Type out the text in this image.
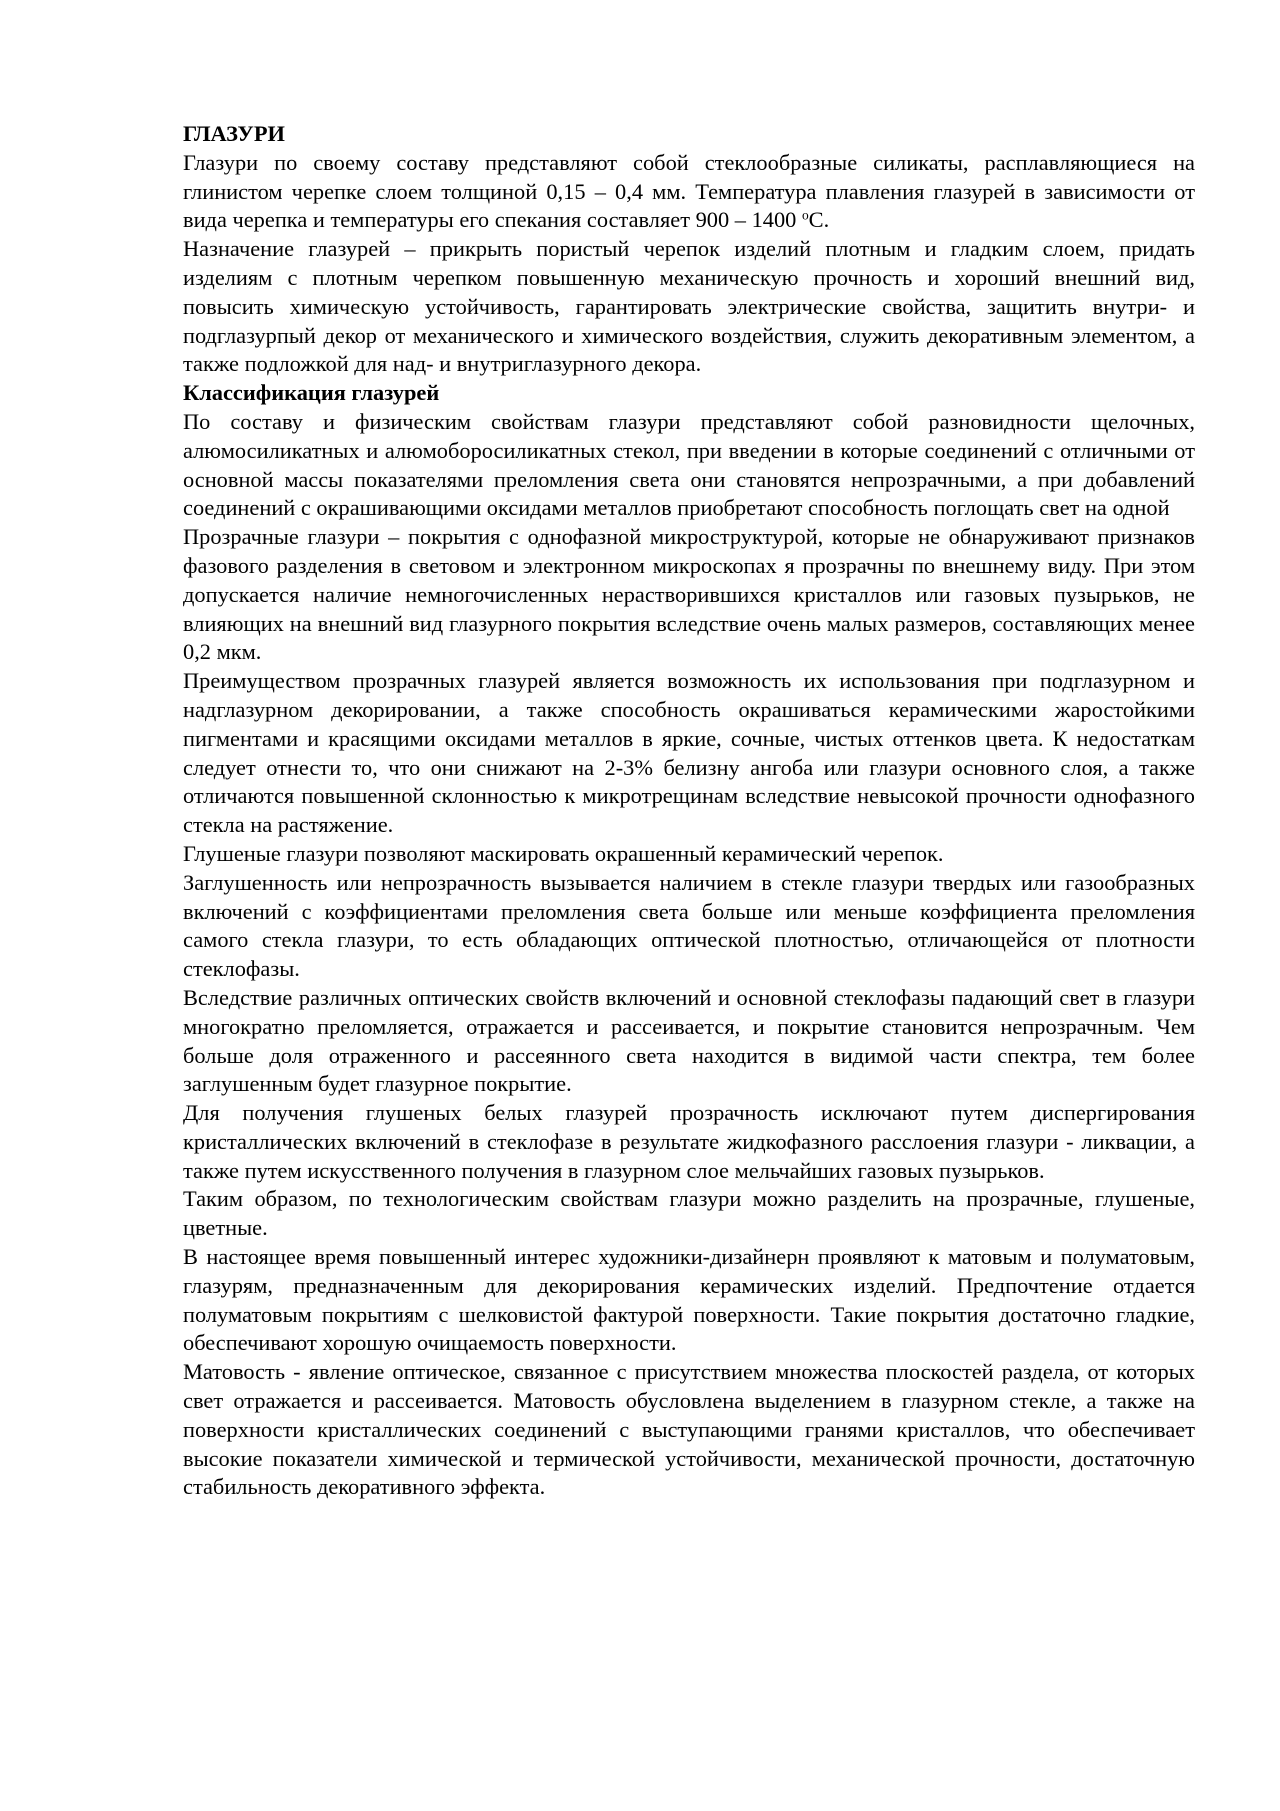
ГЛАЗУРИ

Глазури по своему составу представляют собой стеклообразные силикаты, расплавляющиеся на глинистом черепке слоем толщиной 0,15 – 0,4 мм. Температура плавления глазурей в зависимости от вида черепка и температуры его спекания составляет 900 – 1400 $^о$С.

Назначение глазурей – прикрыть пористый черепок изделий плотным и гладким слоем, придать изделиям с плотным черепком повышенную механическую прочность и хороший внешний вид, повысить химическую устойчивость, гарантировать электрические свойства, защитить внутри- и подглазурпый декор от механического и химического воздействия, служить декоративным элементом, а также подложкой для над- и внутриглазурного декора.

Классификация глазурей

По составу и физическим свойствам глазури представляют собой разновидности щелочных, алюмосиликатных и алюмоборосиликатных стекол, при введении в которые соединений с отличными от основной массы показателями преломления света они становятся непрозрачными, а при добавлений соединений с окрашивающими оксидами металлов приобретают способность поглощать свет на одной

Прозрачные глазури – покрытия с однофазной микроструктурой, которые не обнаруживают признаков фазового разделения в световом и электронном микроскопах я прозрачны по внешнему виду. При этом допускается наличие немногочисленных нерастворившихся кристаллов или газовых пузырьков, не влияющих на внешний вид глазурного покрытия вследствие очень малых размеров, составляющих менее 0,2 мкм.

Преимуществом прозрачных глазурей является возможность их использования при подглазурном и надглазурном декорировании, а также способность окрашиваться керамическими жаростойкими пигментами и красящими оксидами металлов в яркие, сочные, чистых оттенков цвета. К недостаткам следует отнести то, что они снижают на 2-3% белизну ангоба или глазури основного слоя, а также отличаются повышенной склонностью к микротрещинам вследствие невысокой прочности однофазного стекла на растяжение.

Глушеные глазури позволяют маскировать окрашенный керамический черепок.

Заглушенность или непрозрачность вызывается наличием в стекле глазури твердых или газообразных включений с коэффициентами преломления света больше или меньше коэффициента преломления самого стекла глазури, то есть обладающих оптической плотностью, отличающейся от плотности стеклофазы.

Вследствие различных оптических свойств включений и основной стеклофазы падающий свет в глазури многократно преломляется, отражается и рассеивается, и покрытие становится непрозрачным. Чем больше доля отраженного и рассеянного света находится в видимой части спектра, тем более заглушенным будет глазурное покрытие.

Для получения глушеных белых глазурей прозрачность исключают путем диспергирования кристаллических включений в стеклофазе в результате жидкофазного расслоения глазури - ликвации, а также путем искусственного получения в глазурном слое мельчайших газовых пузырьков.

Таким образом, по технологическим свойствам глазури можно разделить на прозрачные, глушеные, цветные.

В настоящее время повышенный интерес художники-дизайнерн проявляют к матовым и полуматовым, глазурям, предназначенным для декорирования керамических изделий. Предпочтение отдается полуматовым покрытиям с шелковистой фактурой поверхности. Такие покрытия достаточно гладкие, обеспечивают хорошую очищаемость поверхности.

Матовость - явление оптическое, связанное с присутствием множества плоскостей раздела, от которых свет отражается и рассеивается. Матовость обусловлена выделением в глазурном стекле, а также на поверхности кристаллических соединений с выступающими гранями кристаллов, что обеспечивает высокие показатели химической и термической устойчивости, механической прочности, достаточную стабильность декоративного эффекта.
